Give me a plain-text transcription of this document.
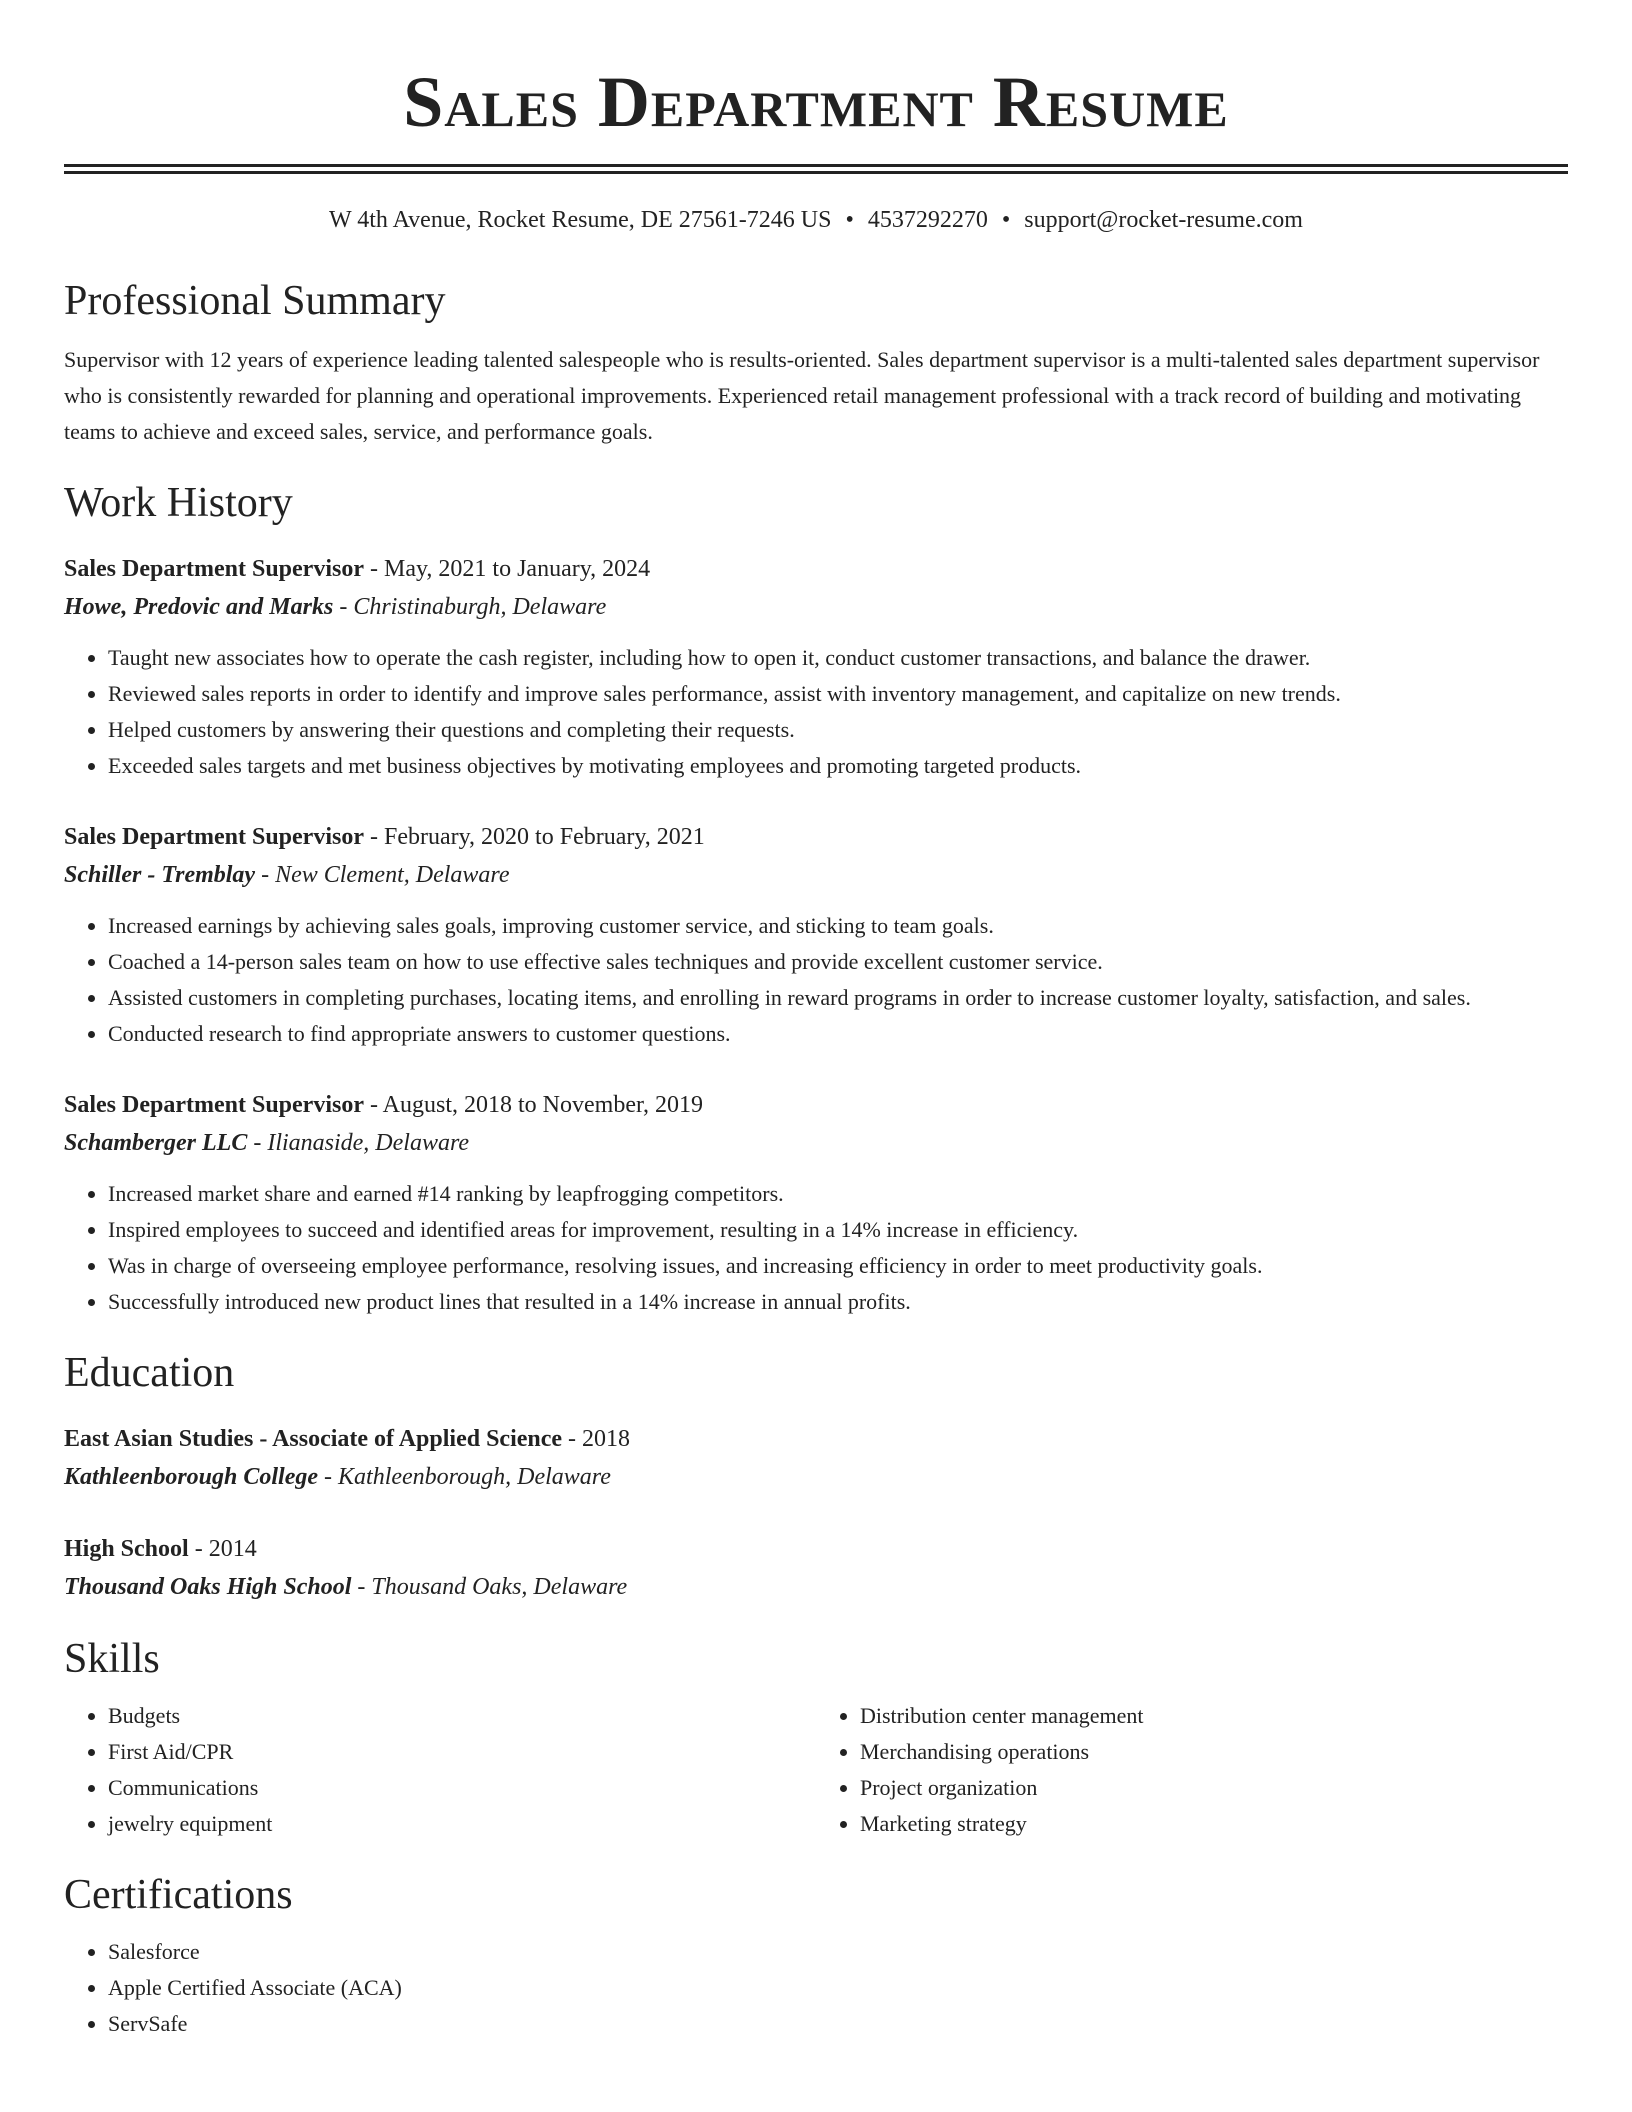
Sales Department Resume
W 4th Avenue, Rocket Resume, DE 27561-7246 US • 4537292270 • support@rocket-resume.com
Professional Summary

Supervisor with 12 years of experience leading talented salespeople who is results-oriented. Sales department supervisor is a multi-talented sales department supervisor who is consistently rewarded for planning and operational improvements. Experienced retail management professional with a track record of building and motivating teams to achieve and exceed sales, service, and performance goals.

Work History
Sales Department Supervisor - May, 2021 to January, 2024
Howe, Predovic and Marks - Christinaburgh, Delaware
• Taught new associates how to operate the cash register, including how to open it, conduct customer transactions, and balance the drawer.
• Reviewed sales reports in order to identify and improve sales performance, assist with inventory management, and capitalize on new trends.
• Helped customers by answering their questions and completing their requests.
• Exceeded sales targets and met business objectives by motivating employees and promoting targeted products.
Sales Department Supervisor - February, 2020 to February, 2021
Schiller - Tremblay - New Clement, Delaware
• Increased earnings by achieving sales goals, improving customer service, and sticking to team goals.
• Coached a 14-person sales team on how to use effective sales techniques and provide excellent customer service.
• Assisted customers in completing purchases, locating items, and enrolling in reward programs in order to increase customer loyalty, satisfaction, and sales.
• Conducted research to find appropriate answers to customer questions.
Sales Department Supervisor - August, 2018 to November, 2019
Schamberger LLC - Ilianaside, Delaware
• Increased market share and earned #14 ranking by leapfrogging competitors.
• Inspired employees to succeed and identified areas for improvement, resulting in a 14% increase in efficiency.
• Was in charge of overseeing employee performance, resolving issues, and increasing efficiency in order to meet productivity goals.
• Successfully introduced new product lines that resulted in a 14% increase in annual profits.
Education
East Asian Studies - Associate of Applied Science - 2018
Kathleenborough College - Kathleenborough, Delaware
High School - 2014
Thousand Oaks High School - Thousand Oaks, Delaware
Skills
• Budgets
• First Aid/CPR
• Communications
• jewelry equipment
• Distribution center management
• Merchandising operations
• Project organization
• Marketing strategy
Certifications
• Salesforce
• Apple Certified Associate (ACA)
• ServSafe
